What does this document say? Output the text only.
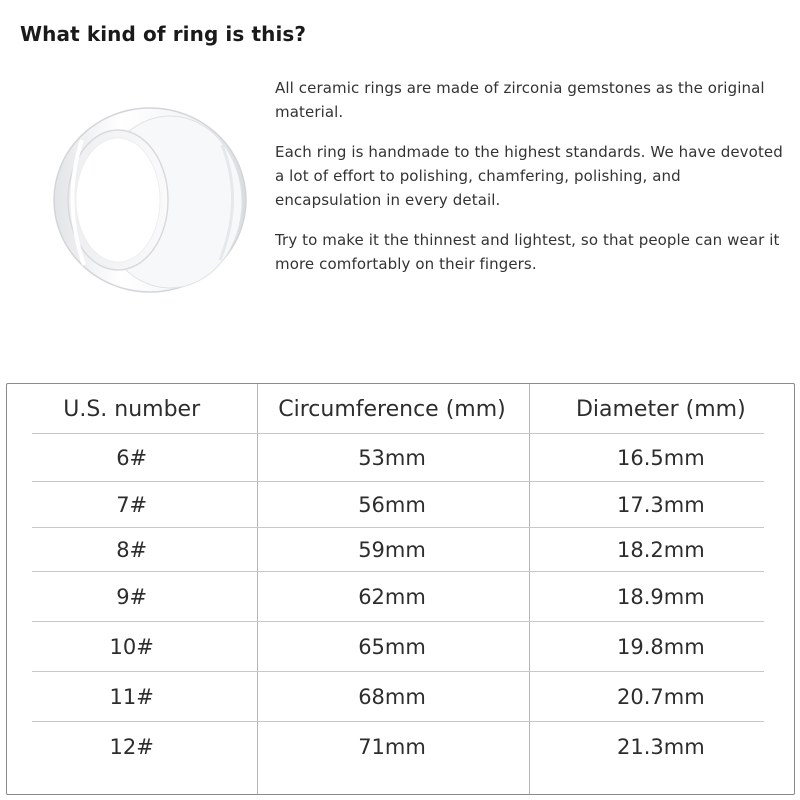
What kind of ring is this?

All ceramic rings are made of zirconia gemstones as the original material.

Each ring is handmade to the highest standards. We have devoted a lot of effort to polishing, chamfering, polishing, and encapsulation in every detail.

Try to make it the thinnest and lightest, so that people can wear it more comfortably on their fingers.

U.S. number	Circumference (mm)	Diameter (mm)
6#	53mm	16.5mm
7#	56mm	17.3mm
8#	59mm	18.2mm
9#	62mm	18.9mm
10#	65mm	19.8mm
11#	68mm	20.7mm
12#	71mm	21.3mm
